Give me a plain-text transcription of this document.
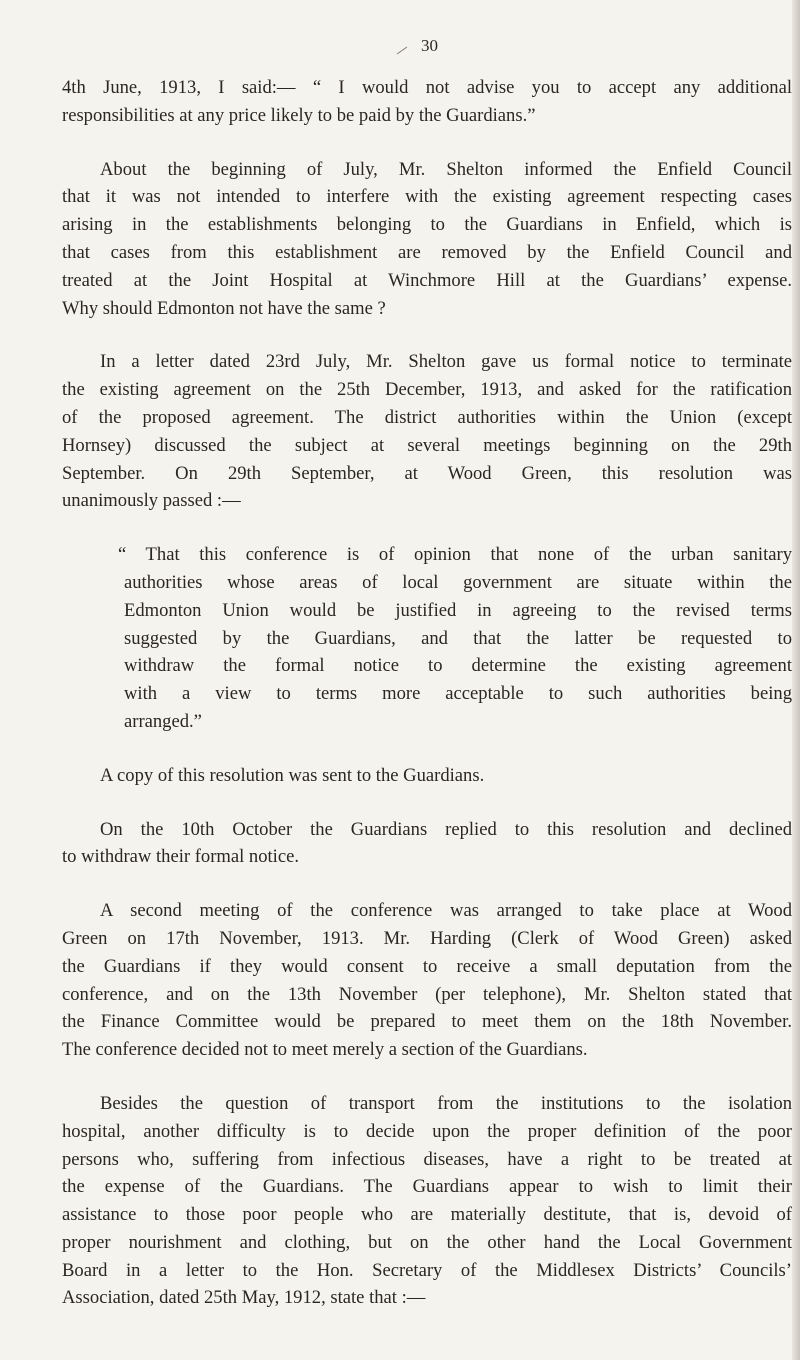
30
4th June, 1913, I said:— “ I would not advise you to accept any additional
responsibilities at any price likely to be paid by the Guardians.”
About the beginning of July, Mr. Shelton informed the Enfield Council
that it was not intended to interfere with the existing agreement respecting cases
arising in the establishments belonging to the Guardians in Enfield, which is
that cases from this establishment are removed by the Enfield Council and
treated at the Joint Hospital at Winchmore Hill at the Guardians’ expense.
Why should Edmonton not have the same ?
In a letter dated 23rd July, Mr. Shelton gave us formal notice to terminate
the existing agreement on the 25th December, 1913, and asked for the ratification
of the proposed agreement. The district authorities within the Union (except
Hornsey) discussed the subject at several meetings beginning on the 29th
September. On 29th September, at Wood Green, this resolution was
unanimously passed :—
“ That this conference is of opinion that none of the urban sanitary
authorities whose areas of local government are situate within the
Edmonton Union would be justified in agreeing to the revised terms
suggested by the Guardians, and that the latter be requested to
withdraw the formal notice to determine the existing agreement
with a view to terms more acceptable to such authorities being
arranged.”
A copy of this resolution was sent to the Guardians.
On the 10th October the Guardians replied to this resolution and declined
to withdraw their formal notice.
A second meeting of the conference was arranged to take place at Wood
Green on 17th November, 1913. Mr. Harding (Clerk of Wood Green) asked
the Guardians if they would consent to receive a small deputation from the
conference, and on the 13th November (per telephone), Mr. Shelton stated that
the Finance Committee would be prepared to meet them on the 18th November.
The conference decided not to meet merely a section of the Guardians.
Besides the question of transport from the institutions to the isolation
hospital, another difficulty is to decide upon the proper definition of the poor
persons who, suffering from infectious diseases, have a right to be treated at
the expense of the Guardians. The Guardians appear to wish to limit their
assistance to those poor people who are materially destitute, that is, devoid of
proper nourishment and clothing, but on the other hand the Local Government
Board in a letter to the Hon. Secretary of the Middlesex Districts’ Councils’
Association, dated 25th May, 1912, state that :—
